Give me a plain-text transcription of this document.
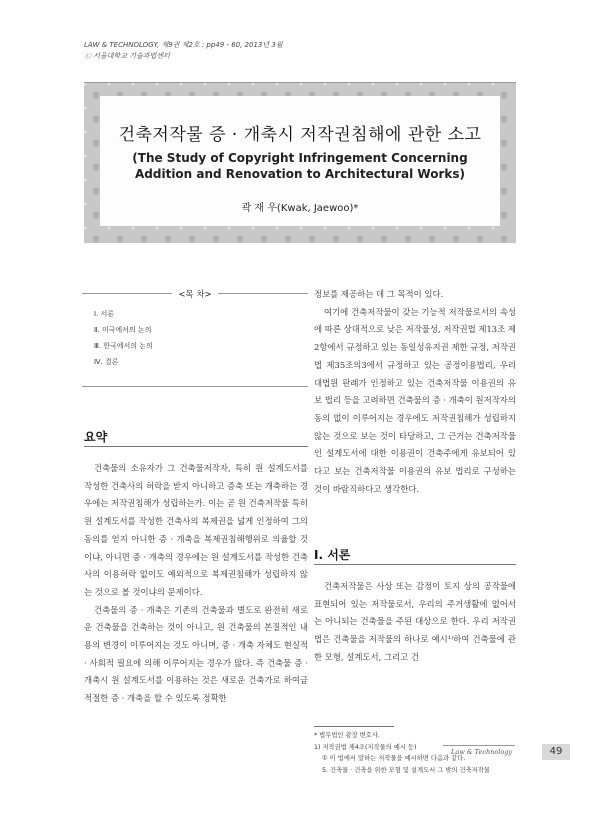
LAW & TECHNOLOGY, 제9권 제2호 : pp49 - 60, 2013년 3월
ⓒ 서울대학교 기술과법센터
건축저작물 증 · 개축시 저작권침해에 관한 소고
(The Study of Copyright Infringement Concerning Addition and Renovation to Architectural Works)
곽 재 우(Kwak, Jaewoo)*
<목 차>
Ⅰ. 서론
Ⅱ. 미국에서의 논의
Ⅲ. 한국에서의 논의
Ⅳ. 결론
요약

건축물의 소유자가 그 건축물저작자, 특히 원 설계도서를 작성한 건축사의 허락을 받지 아니하고 증축 또는 개축하는 경우에는 저작권침해가 성립하는가. 이는 곧 원 건축저작물 특히 원 설계도서를 작성한 건축사의 복제권을 넓게 인정하여 그의 동의를 얻지 아니한 증 · 개축을 복제권침해행위로 의율할 것이냐, 아니면 증 · 개축의 경우에는 원 설계도서를 작성한 건축사의 이용허락 없이도 예외적으로 복제권침해가 성립하지 않는 것으로 볼 것이냐의 문제이다.

건축물의 증 · 개축은 기존의 건축물과 별도로 완전히 새로운 건축물을 건축하는 것이 아니고, 원 건축물의 본질적인 내용의 변경이 이루어지는 것도 아니며, 증 · 개축 자체도 현실적 · 사회적 필요에 의해 이루어지는 경우가 많다. 즉 건축물 증 · 개축시 원 설계도서를 이용하는 것은 새로운 건축가로 하여금 적절한 증 · 개축을 할 수 있도록 정확한

정보를 제공하는 데 그 목적이 있다.

여기에 건축저작물이 갖는 기능적 저작물로서의 속성에 따른 상대적으로 낮은 저작물성, 저작권법 제13조 제2항에서 규정하고 있는 동일성유지권 제한 규정, 저작권법 제35조의3에서 규정하고 있는 공정이용법리, 우리 대법원 판례가 인정하고 있는 건축저작물 이용권의 유보 법리 등을 고려하면 건축물의 증 · 개축이 원저작자의 동의 없이 이루어지는 경우에도 저작권침해가 성립하지 않는 것으로 보는 것이 타당하고, 그 근거는 건축저작물인 설계도서에 대한 이용권이 건축주에게 유보되어 있다고 보는 건축저작물 이용권의 유보 법리로 구성하는 것이 바람직하다고 생각한다.

Ⅰ. 서론

건축저작물은 사상 또는 감정이 토지 상의 공작물에 표현되어 있는 저작물로서, 우리의 주거생활에 없어서는 아니되는 건축물을 주된 대상으로 한다. 우리 저작권법은 건축물을 저작물의 하나로 예시¹⁾하여 건축물에 관한 모형, 설계도서, 그리고 건

* 법무법인 광장 변호사.

1) 저작권법 제4조(저작물의 예시 등)

① 이 법에서 말하는 저작물을 예시하면 다음과 같다.

5. 건축물 · 건축을 위한 모형 및 설계도서 그 밖의 건축저작물

Law & Technology	49
